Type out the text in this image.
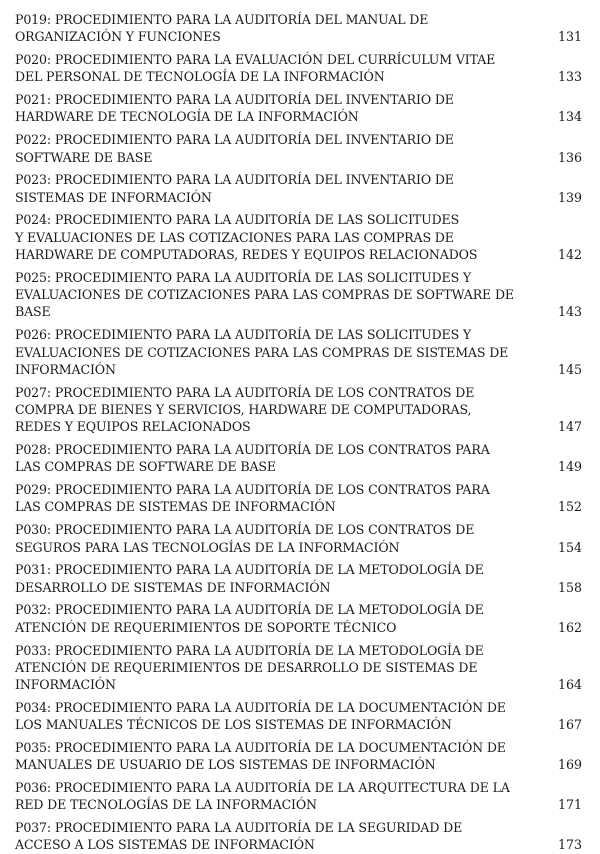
P019: PROCEDIMIENTO PARA LA AUDITORÍA DEL MANUAL DE
ORGANIZACIÓN Y FUNCIONES	131
P020: PROCEDIMIENTO PARA LA EVALUACIÓN DEL CURRÍCULUM VITAE
DEL PERSONAL DE TECNOLOGÍA DE LA INFORMACIÓN	133
P021: PROCEDIMIENTO PARA LA AUDITORÍA DEL INVENTARIO DE
HARDWARE DE TECNOLOGÍA DE LA INFORMACIÓN	134
P022: PROCEDIMIENTO PARA LA AUDITORÍA DEL INVENTARIO DE
SOFTWARE DE BASE	136
P023: PROCEDIMIENTO PARA LA AUDITORÍA DEL INVENTARIO DE
SISTEMAS DE INFORMACIÓN	139
P024: PROCEDIMIENTO PARA LA AUDITORÍA DE LAS SOLICITUDES
Y EVALUACIONES DE LAS COTIZACIONES PARA LAS COMPRAS DE
HARDWARE DE COMPUTADORAS, REDES Y EQUIPOS RELACIONADOS	142
P025: PROCEDIMIENTO PARA LA AUDITORÍA DE LAS SOLICITUDES Y
EVALUACIONES DE COTIZACIONES PARA LAS COMPRAS DE SOFTWARE DE
BASE	143
P026: PROCEDIMIENTO PARA LA AUDITORÍA DE LAS SOLICITUDES Y
EVALUACIONES DE COTIZACIONES PARA LAS COMPRAS DE SISTEMAS DE
INFORMACIÓN	145
P027: PROCEDIMIENTO PARA LA AUDITORÍA DE LOS CONTRATOS DE
COMPRA DE BIENES Y SERVICIOS, HARDWARE DE COMPUTADORAS,
REDES Y EQUIPOS RELACIONADOS	147
P028: PROCEDIMIENTO PARA LA AUDITORÍA DE LOS CONTRATOS PARA
LAS COMPRAS DE SOFTWARE DE BASE	149
P029: PROCEDIMIENTO PARA LA AUDITORÍA DE LOS CONTRATOS PARA
LAS COMPRAS DE SISTEMAS DE INFORMACIÓN	152
P030: PROCEDIMIENTO PARA LA AUDITORÍA DE LOS CONTRATOS DE
SEGUROS PARA LAS TECNOLOGÍAS DE LA INFORMACIÓN	154
P031: PROCEDIMIENTO PARA LA AUDITORÍA DE LA METODOLOGÍA DE
DESARROLLO DE SISTEMAS DE INFORMACIÓN	158
P032: PROCEDIMIENTO PARA LA AUDITORÍA DE LA METODOLOGÍA DE
ATENCIÓN DE REQUERIMIENTOS DE SOPORTE TÉCNICO	162
P033: PROCEDIMIENTO PARA LA AUDITORÍA DE LA METODOLOGÍA DE
ATENCIÓN DE REQUERIMIENTOS DE DESARROLLO DE SISTEMAS DE
INFORMACIÓN	164
P034: PROCEDIMIENTO PARA LA AUDITORÍA DE LA DOCUMENTACIÓN DE
LOS MANUALES TÉCNICOS DE LOS SISTEMAS DE INFORMACIÓN	167
P035: PROCEDIMIENTO PARA LA AUDITORÍA DE LA DOCUMENTACIÓN DE
MANUALES DE USUARIO DE LOS SISTEMAS DE INFORMACIÓN	169
P036: PROCEDIMIENTO PARA LA AUDITORÍA DE LA ARQUITECTURA DE LA
RED DE TECNOLOGÍAS DE LA INFORMACIÓN	171
P037: PROCEDIMIENTO PARA LA AUDITORÍA DE LA SEGURIDAD DE
ACCESO A LOS SISTEMAS DE INFORMACIÓN	173
